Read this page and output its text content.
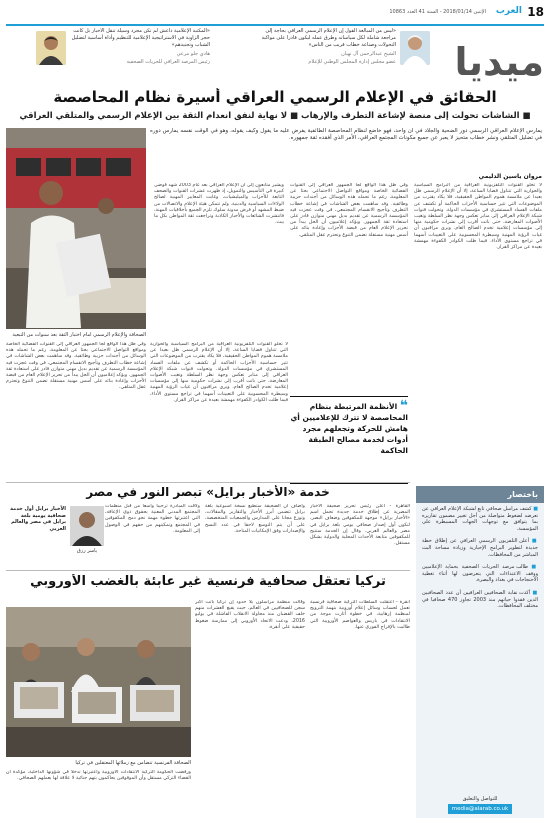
18
العرب
الإثنين 2018/01/14 - السنة 41 العدد 10863
«ليس من المبالغة القول إن الإعلام الرسمي العراقي بحاجة إلى مراجعة شاملة لكل سياساته وطرق عمله ليكون قادرا على مواكبة التحولات وصناعة خطاب قريب من الناس»
الشيخ عبدالرحمن آل نهيان
عضو مجلس إدارة المجلس الوطني للإعلام
«المكتبة الإعلامية داعش لم تكن مجرد وسيلة تنقل الأخبار بل كانت حجر الزاوية في الاستراتيجية الإعلامية للتنظيم وأداة أساسية لتضليل الشباب وتجنيدهم»
هادي جلو مرعي
رئيس المرصد العراقي للحريات الصحفية	ميديا
الحقائق في الإعلام الرسمي العراقي أسيرة نظام المحاصصة
■ الشاشات تحولت إلى منصة لإشاعة التطرف والإرهاب ■ لا نهاية لنفق انعدام الثقة بين الإعلام الرسمي والمتلقي العراقي
يمارس الإعلام العراقي الرسمي دور الضحية والجلاد في آن واحد، فهو خاضع لنظام المحاصصة الطائفية يفرض عليه ما يقول وكيف يقوله، وهو في الوقت نفسه يمارس دوره في تضليل المتلقي ونشر خطاب متحيز لا يعبر عن جميع مكونات المجتمع العراقي، الأمر الذي أفقده ثقة جمهوره.
مروان ياسين الدليمي
الصحافة والإعلام الرسمي أمام اختبار الثقة بعد سنوات من التبعية
لا تخلو القنوات التلفزيونية العراقية من البرامج السياسية والحوارية التي تتناول قضايا الساعة، إلا أن الإعلام الرسمي ظل بعيدا عن ملامسة هموم المواطن الحقيقية، فلا يكاد يقترب من الموضوعات التي تثير حساسية الأحزاب الحاكمة أو تكشف عن ملفات الفساد المستشري في مؤسسات الدولة. وتحولت قنوات شبكة الإعلام العراقي إلى منابر تعكس وجهة نظر السلطة وتغيب الأصوات المعارضة، حتى باتت أقرب إلى نشرات حكومية منها إلى مؤسسات إعلامية تخدم الصالح العام. ويرى مراقبون أن غياب الرؤية المهنية وسيطرة المحسوبية على التعيينات أسهما في تراجع مستوى الأداء، فيما ظلت الكوادر الكفوءة مهمشة بعيدة عن مراكز القرار.
وفي ظل هذا الواقع لجأ الجمهور العراقي إلى القنوات الفضائية الخاصة ومواقع التواصل الاجتماعي بحثا عن المعلومة، رغم ما تحمله هذه الوسائل من أجندات حزبية وطائفية. وقد ساهمت بعض الشاشات في إشاعة خطاب التطرف وتأجيج الانقسام المجتمعي، في وقت عجزت فيه المؤسسة الرسمية عن تقديم بديل مهني متوازن قادر على استعادة ثقة الجمهور. ويؤكد إعلاميون أن الحل يبدأ من تحرير الإعلام العام من قبضة الأحزاب وإعادة بنائه على أسس مهنية مستقلة تضمن التنوع وتحترم عقل المتلقي.
ويشير متابعون إلى أن الإعلام العراقي بعد عام 2003 شهد فوضى كبيرة في التأسيس والتمويل، إذ ظهرت عشرات القنوات والصحف التابعة للأحزاب والميليشيات، وغابت المعايير المهنية لصالح الولاءات السياسية والدينية. ولم تتمكن هيئة الإعلام والاتصالات من ضبط المشهد أو فرض مدونة سلوك تلزم الجميع بأخلاقيات المهنة، فانتشرت الشائعات والأخبار الكاذبة وتراجعت ثقة المواطن بكل ما يبث.
وفي ظل هذا الواقع لجأ الجمهور العراقي إلى القنوات الفضائية الخاصة ومواقع التواصل الاجتماعي بحثا عن المعلومة، رغم ما تحمله هذه الوسائل من أجندات حزبية وطائفية. وقد ساهمت بعض الشاشات في إشاعة خطاب التطرف وتأجيج الانقسام المجتمعي، في وقت عجزت فيه المؤسسة الرسمية عن تقديم بديل مهني متوازن قادر على استعادة ثقة الجمهور. ويؤكد إعلاميون أن الحل يبدأ من تحرير الإعلام العام من قبضة الأحزاب وإعادة بنائه على أسس مهنية مستقلة تضمن التنوع وتحترم عقل المتلقي.
لا تخلو القنوات التلفزيونية العراقية من البرامج السياسية والحوارية التي تتناول قضايا الساعة، إلا أن الإعلام الرسمي ظل بعيدا عن ملامسة هموم المواطن الحقيقية، فلا يكاد يقترب من الموضوعات التي تثير حساسية الأحزاب الحاكمة أو تكشف عن ملفات الفساد المستشري في مؤسسات الدولة. وتحولت قنوات شبكة الإعلام العراقي إلى منابر تعكس وجهة نظر السلطة وتغيب الأصوات المعارضة، حتى باتت أقرب إلى نشرات حكومية منها إلى مؤسسات إعلامية تخدم الصالح العام. ويرى مراقبون أن غياب الرؤية المهنية وسيطرة المحسوبية على التعيينات أسهما في تراجع مستوى الأداء، فيما ظلت الكوادر الكفوءة مهمشة بعيدة عن مراكز القرار.	❝ الأنظمة المرتبطة بنظام المحاصصة لا تترك للإعلاميين أي هامش للحركة وتجعلهم مجرد أدوات لخدمة مصالح الطبقة الحاكمة
باختصار
■ كشف مراسل صحافي تابع لشبكة الإعلام العراقي عن تعرضه لضغوط متواصلة من أجل تغيير مضمون تقاريره بما يتوافق مع توجهات الجهات المسيطرة على المؤسسة.
■ أعلن التلفزيون الرسمي العراقي عن إطلاق خطة جديدة لتطوير البرامج الإخبارية وزيادة مساحة البث المباشر من المحافظات.
■ طالب مرصد الحريات الصحفية بحماية الإعلاميين ووقف الاعتداءات التي يتعرضون لها أثناء تغطية الاحتجاجات في بغداد والبصرة.
■ أكدت نقابة الصحافيين العراقيين أن عدد الصحافيين الذين فقدوا حياتهم منذ 2003 تجاوز 470 صحافيا في مختلف المحافظات.
للتواصل والتعليق
media@alarab.co.uk
خدمة «الأخبار برايل» تبصر النور في مصر
القاهرة - أعلن رئيس تحرير صحيفة الأخبار المصرية عن إطلاق خدمة جديدة تحمل اسم «الأخبار برايل» موجهة للمكفوفين وضعاف البصر، لتكون أول إصدار صحافي يومي بلغة برايل في مصر والعالم العربي. وقال إن الخدمة ستتيح للمكفوفين متابعة الأحداث المحلية والدولية بشكل مستقل.
وأضاف أن الصحيفة ستطبع نسخة أسبوعية بلغة برايل تتضمن أبرز الأخبار والتقارير والمقالات، وتوزع مجانا على المدارس والجمعيات المتخصصة، على أن يتم التوسع لاحقا في عدد النسخ والإصدارات وفق الإمكانيات المتاحة.
ولاقت المبادرة ترحيبا واسعا من قبل منظمات المجتمع المدني المعنية بحقوق ذوي الإعاقة، التي اعتبرتها خطوة مهمة نحو دمج المكفوفين في المجتمع وتمكينهم من حقهم في الوصول إلى المعلومة.
ياسر رزق
الأخبار برايل أول خدمة صحافية يومية بلغة برايل في مصر والعالم العربي
تركيا تعتقل صحافية فرنسية غير عابئة بالغضب الأوروبي
الصحافة الفرنسية تتضامن مع زملائها المعتقلين في تركيا
أنقرة - اعتقلت السلطات التركية صحافية فرنسية تعمل لحساب وسائل إعلام أوروبية بتهمة الترويج لمنظمة إرهابية، في خطوة أثارت موجة من الانتقادات في باريس والعواصم الأوروبية التي طالبت بالإفراج الفوري عنها.
وقالت منظمة مراسلون بلا حدود إن تركيا باتت أكبر سجن للصحافيين في العالم، حيث يقبع العشرات منهم خلف القضبان منذ محاولة الانقلاب الفاشلة في يوليو 2016، ودعت الاتحاد الأوروبي إلى ممارسة ضغوط حقيقية على أنقرة.
ورفضت الحكومة التركية الانتقادات الأوروبية واعتبرتها تدخلا في شؤونها الداخلية، مؤكدة أن القضاء التركي مستقل وأن الموقوفين يحاكمون بتهم جنائية لا علاقة لها بعملهم الصحافي.
